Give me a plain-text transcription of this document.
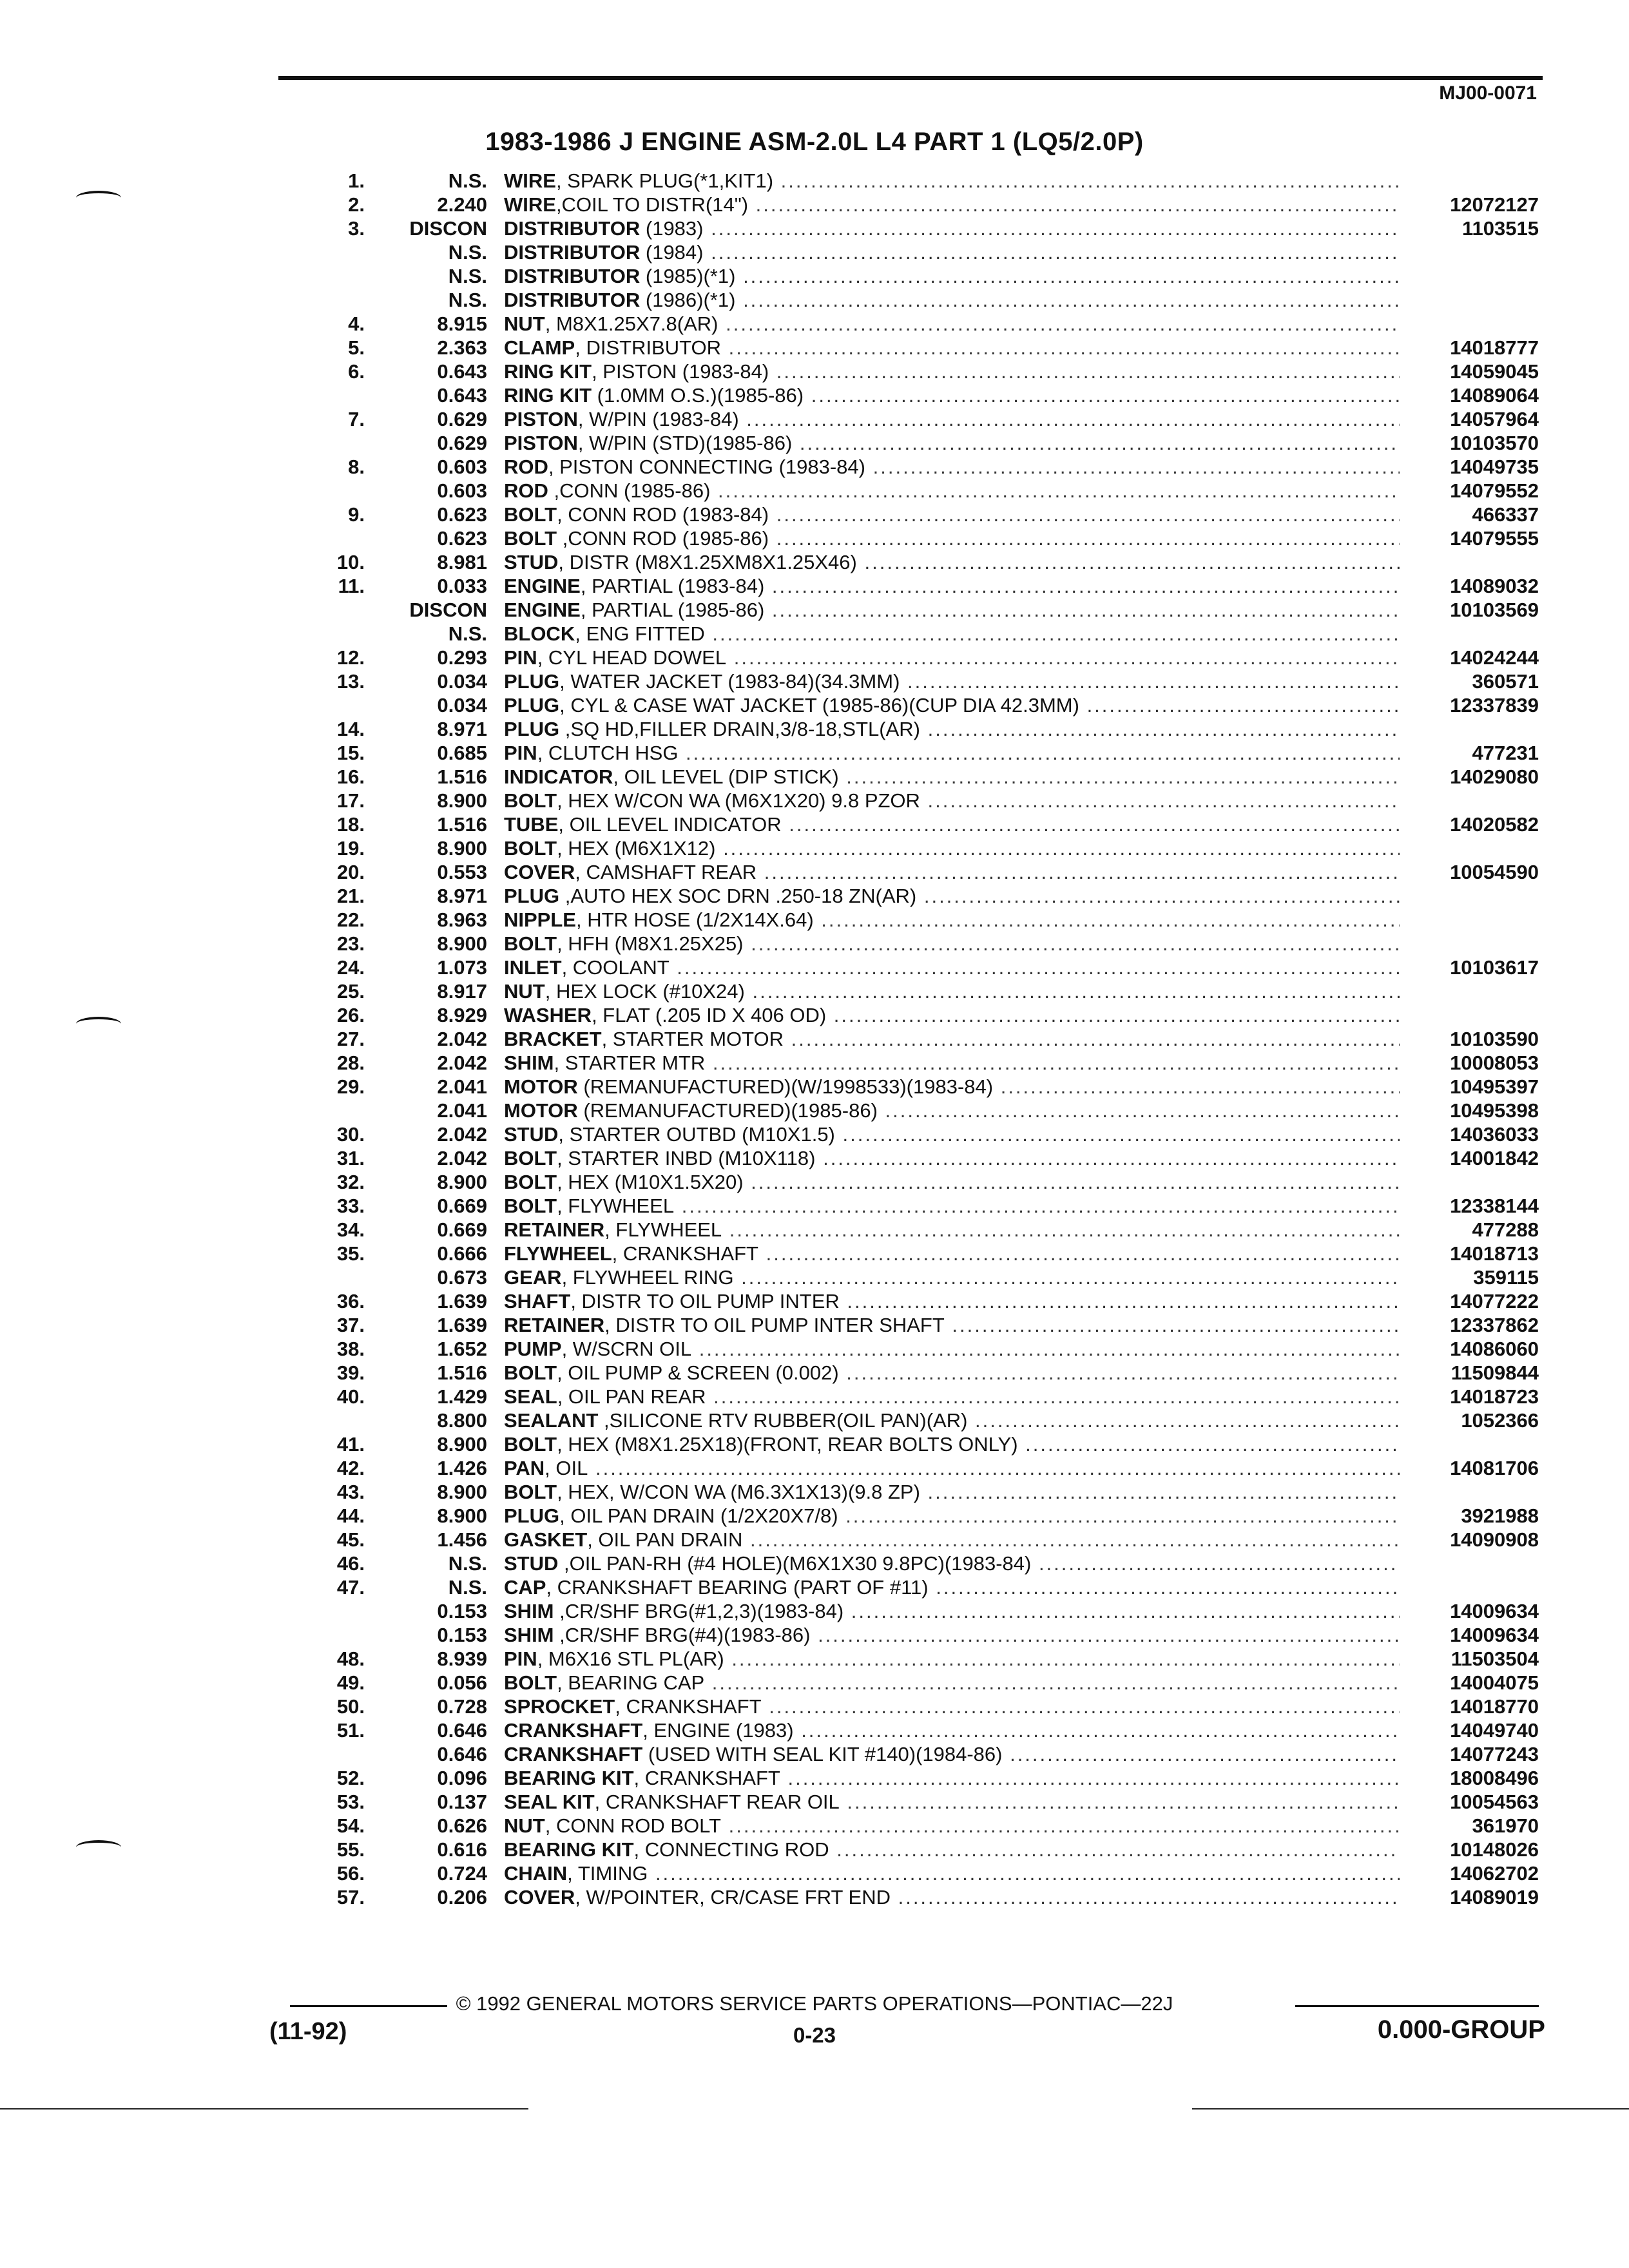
MJ00-0071
1983-1986 J ENGINE ASM-2.0L L4 PART 1 (LQ5/2.0P)
1.	N.S. WIRE, SPARK PLUG(*1,KIT1) .....
2.	2.240 WIRE,COIL TO DISTR(14") .....	12072127
3. DISCON DISTRIBUTOR (1983) .....	1103515
N.S. DISTRIBUTOR (1984) .....
N.S. DISTRIBUTOR (1985)(*1) .....
N.S. DISTRIBUTOR (1986)(*1) .....
4.	8.915 NUT, M8X1.25X7.8(AR) .....
5.	2.363 CLAMP, DISTRIBUTOR .....	14018777
6.	0.643 RING KIT, PISTON (1983-84) .....	14059045
0.643 RING KIT (1.0MM O.S.)(1985-86) .....	14089064
7.	0.629 PISTON, W/PIN (1983-84) .....	14057964
0.629 PISTON, W/PIN (STD)(1985-86) .....	10103570
8.	0.603 ROD, PISTON CONNECTING (1983-84) .....	14049735
0.603 ROD ,CONN (1985-86) .....	14079552
9.	0.623 BOLT, CONN ROD (1983-84) .....	466337
0.623 BOLT ,CONN ROD (1985-86) .....	14079555
10.	8.981 STUD, DISTR (M8X1.25XM8X1.25X46) .....
11.	0.033 ENGINE, PARTIAL (1983-84) .....	14089032
DISCON ENGINE, PARTIAL (1985-86) .....	10103569
N.S. BLOCK, ENG FITTED .....
12.	0.293 PIN, CYL HEAD DOWEL .....	14024244
13.	0.034 PLUG, WATER JACKET (1983-84)(34.3MM) .....	360571
0.034 PLUG, CYL & CASE WAT JACKET (1985-86)(CUP DIA 42.3MM) .....	12337839
14.	8.971 PLUG ,SQ HD,FILLER DRAIN,3/8-18,STL(AR) .....
15.	0.685 PIN, CLUTCH HSG .....	477231
16.	1.516 INDICATOR, OIL LEVEL (DIP STICK) .....	14029080
17.	8.900 BOLT, HEX W/CON WA (M6X1X20) 9.8 PZOR .....
18.	1.516 TUBE, OIL LEVEL INDICATOR .....	14020582
19.	8.900 BOLT, HEX (M6X1X12) .....
20.	0.553 COVER, CAMSHAFT REAR .....	10054590
21.	8.971 PLUG ,AUTO HEX SOC DRN .250-18 ZN(AR) .....
22.	8.963 NIPPLE, HTR HOSE (1/2X14X.64) .....
23.	8.900 BOLT, HFH (M8X1.25X25) .....
24.	1.073 INLET, COOLANT .....	10103617
25.	8.917 NUT, HEX LOCK (#10X24) .....
26.	8.929 WASHER, FLAT (.205 ID X 406 OD) .....
27.	2.042 BRACKET, STARTER MOTOR .....	10103590
28.	2.042 SHIM, STARTER MTR .....	10008053
29.	2.041 MOTOR (REMANUFACTURED)(W/1998533)(1983-84) .....	10495397
2.041 MOTOR (REMANUFACTURED)(1985-86) .....	10495398
30.	2.042 STUD, STARTER OUTBD (M10X1.5) .....	14036033
31.	2.042 BOLT, STARTER INBD (M10X118) .....	14001842
32.	8.900 BOLT, HEX (M10X1.5X20) .....
33.	0.669 BOLT, FLYWHEEL .....	12338144
34.	0.669 RETAINER, FLYWHEEL .....	477288
35.	0.666 FLYWHEEL, CRANKSHAFT .....	14018713
0.673 GEAR, FLYWHEEL RING .....	359115
36.	1.639 SHAFT, DISTR TO OIL PUMP INTER .....	14077222
37.	1.639 RETAINER, DISTR TO OIL PUMP INTER SHAFT .....	12337862
38.	1.652 PUMP, W/SCRN OIL .....	14086060
39.	1.516 BOLT, OIL PUMP & SCREEN (0.002) .....	11509844
40.	1.429 SEAL, OIL PAN REAR .....	14018723
8.800 SEALANT ,SILICONE RTV RUBBER(OIL PAN)(AR) .....	1052366
41.	8.900 BOLT, HEX (M8X1.25X18)(FRONT, REAR BOLTS ONLY) .....
42.	1.426 PAN, OIL .....	14081706
43.	8.900 BOLT, HEX, W/CON WA (M6.3X1X13)(9.8 ZP) .....
44.	8.900 PLUG, OIL PAN DRAIN (1/2X20X7/8) .....	3921988
45.	1.456 GASKET, OIL PAN DRAIN .....	14090908
46.	N.S. STUD ,OIL PAN-RH (#4 HOLE)(M6X1X30 9.8PC)(1983-84) .....
47.	N.S. CAP, CRANKSHAFT BEARING (PART OF #11) .....
0.153 SHIM ,CR/SHF BRG(#1,2,3)(1983-84) .....	14009634
0.153 SHIM ,CR/SHF BRG(#4)(1983-86) .....	14009634
48.	8.939 PIN, M6X16 STL PL(AR) .....	11503504
49.	0.056 BOLT, BEARING CAP .....	14004075
50.	0.728 SPROCKET, CRANKSHAFT .....	14018770
51.	0.646 CRANKSHAFT, ENGINE (1983) .....	14049740
0.646 CRANKSHAFT (USED WITH SEAL KIT #140)(1984-86) .....	14077243
52.	0.096 BEARING KIT, CRANKSHAFT .....	18008496
53.	0.137 SEAL KIT, CRANKSHAFT REAR OIL .....	10054563
54.	0.626 NUT, CONN ROD BOLT .....	361970
55.	0.616 BEARING KIT, CONNECTING ROD .....	10148026
56.	0.724 CHAIN, TIMING .....	14062702
57.	0.206 COVER, W/POINTER, CR/CASE FRT END .....	14089019
© 1992 GENERAL MOTORS SERVICE PARTS OPERATIONS—PONTIAC—22J
(11-92)	0-23	0.000-GROUP
